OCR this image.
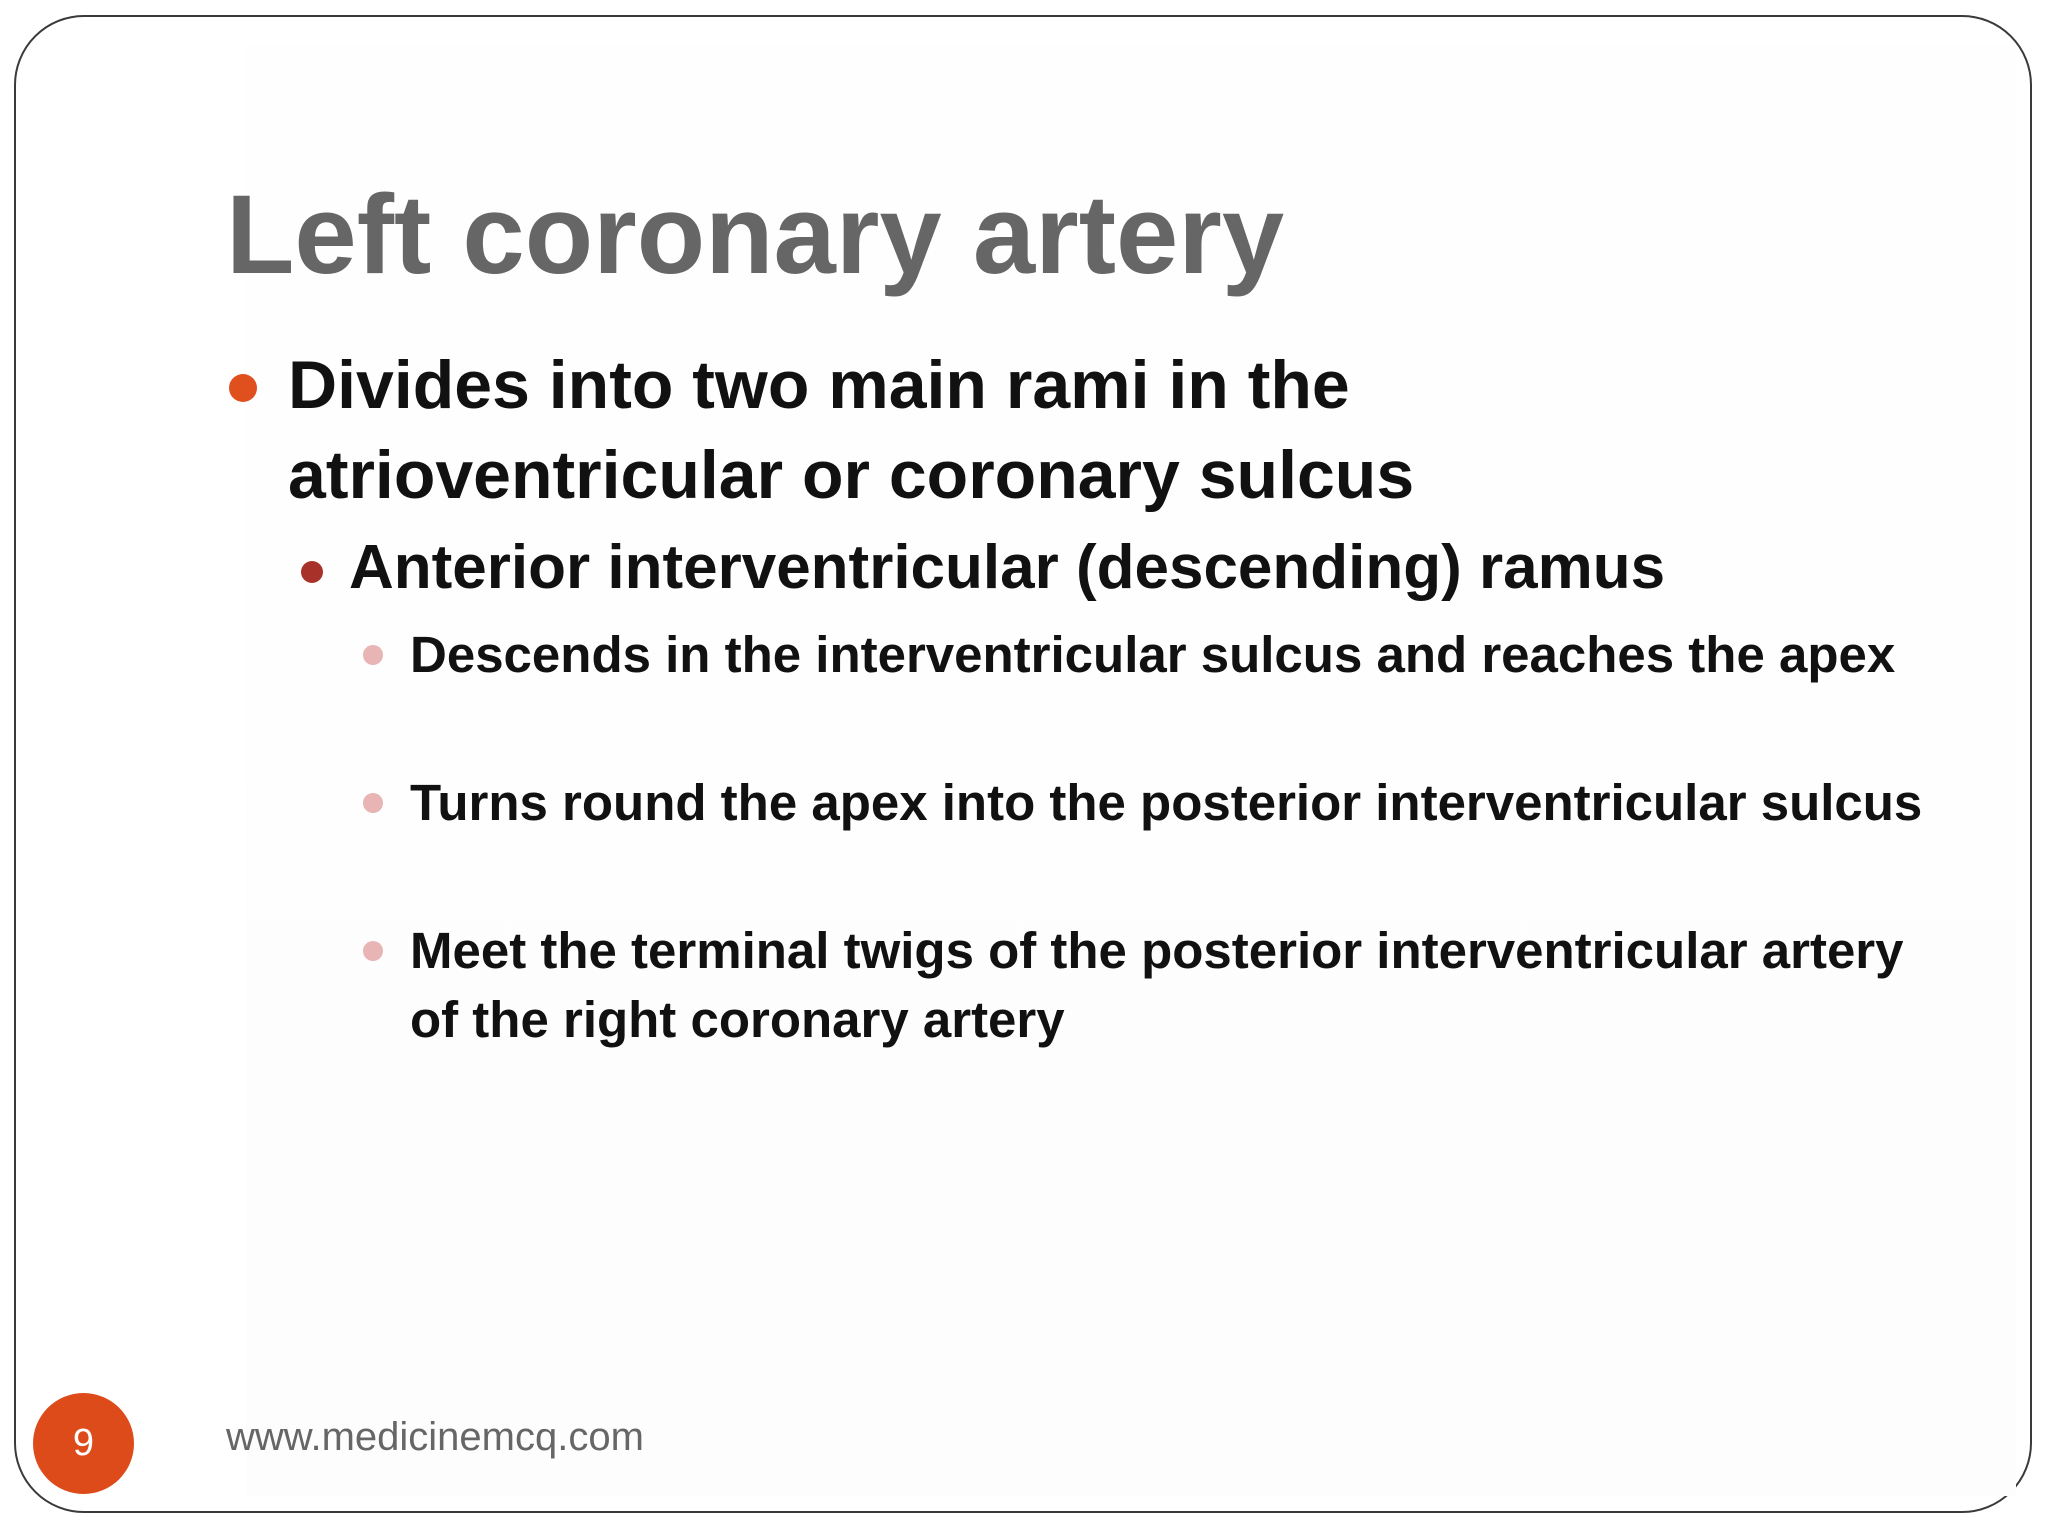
Left coronary artery

Divides into two main rami in the atrioventricular or coronary sulcus

Anterior interventricular (descending) ramus

Descends in the interventricular sulcus and reaches the apex

Turns round the apex into the posterior interventricular sulcus

Meet the terminal twigs of the posterior interventricular artery of the right coronary artery

9	www.medicinemcq.com
